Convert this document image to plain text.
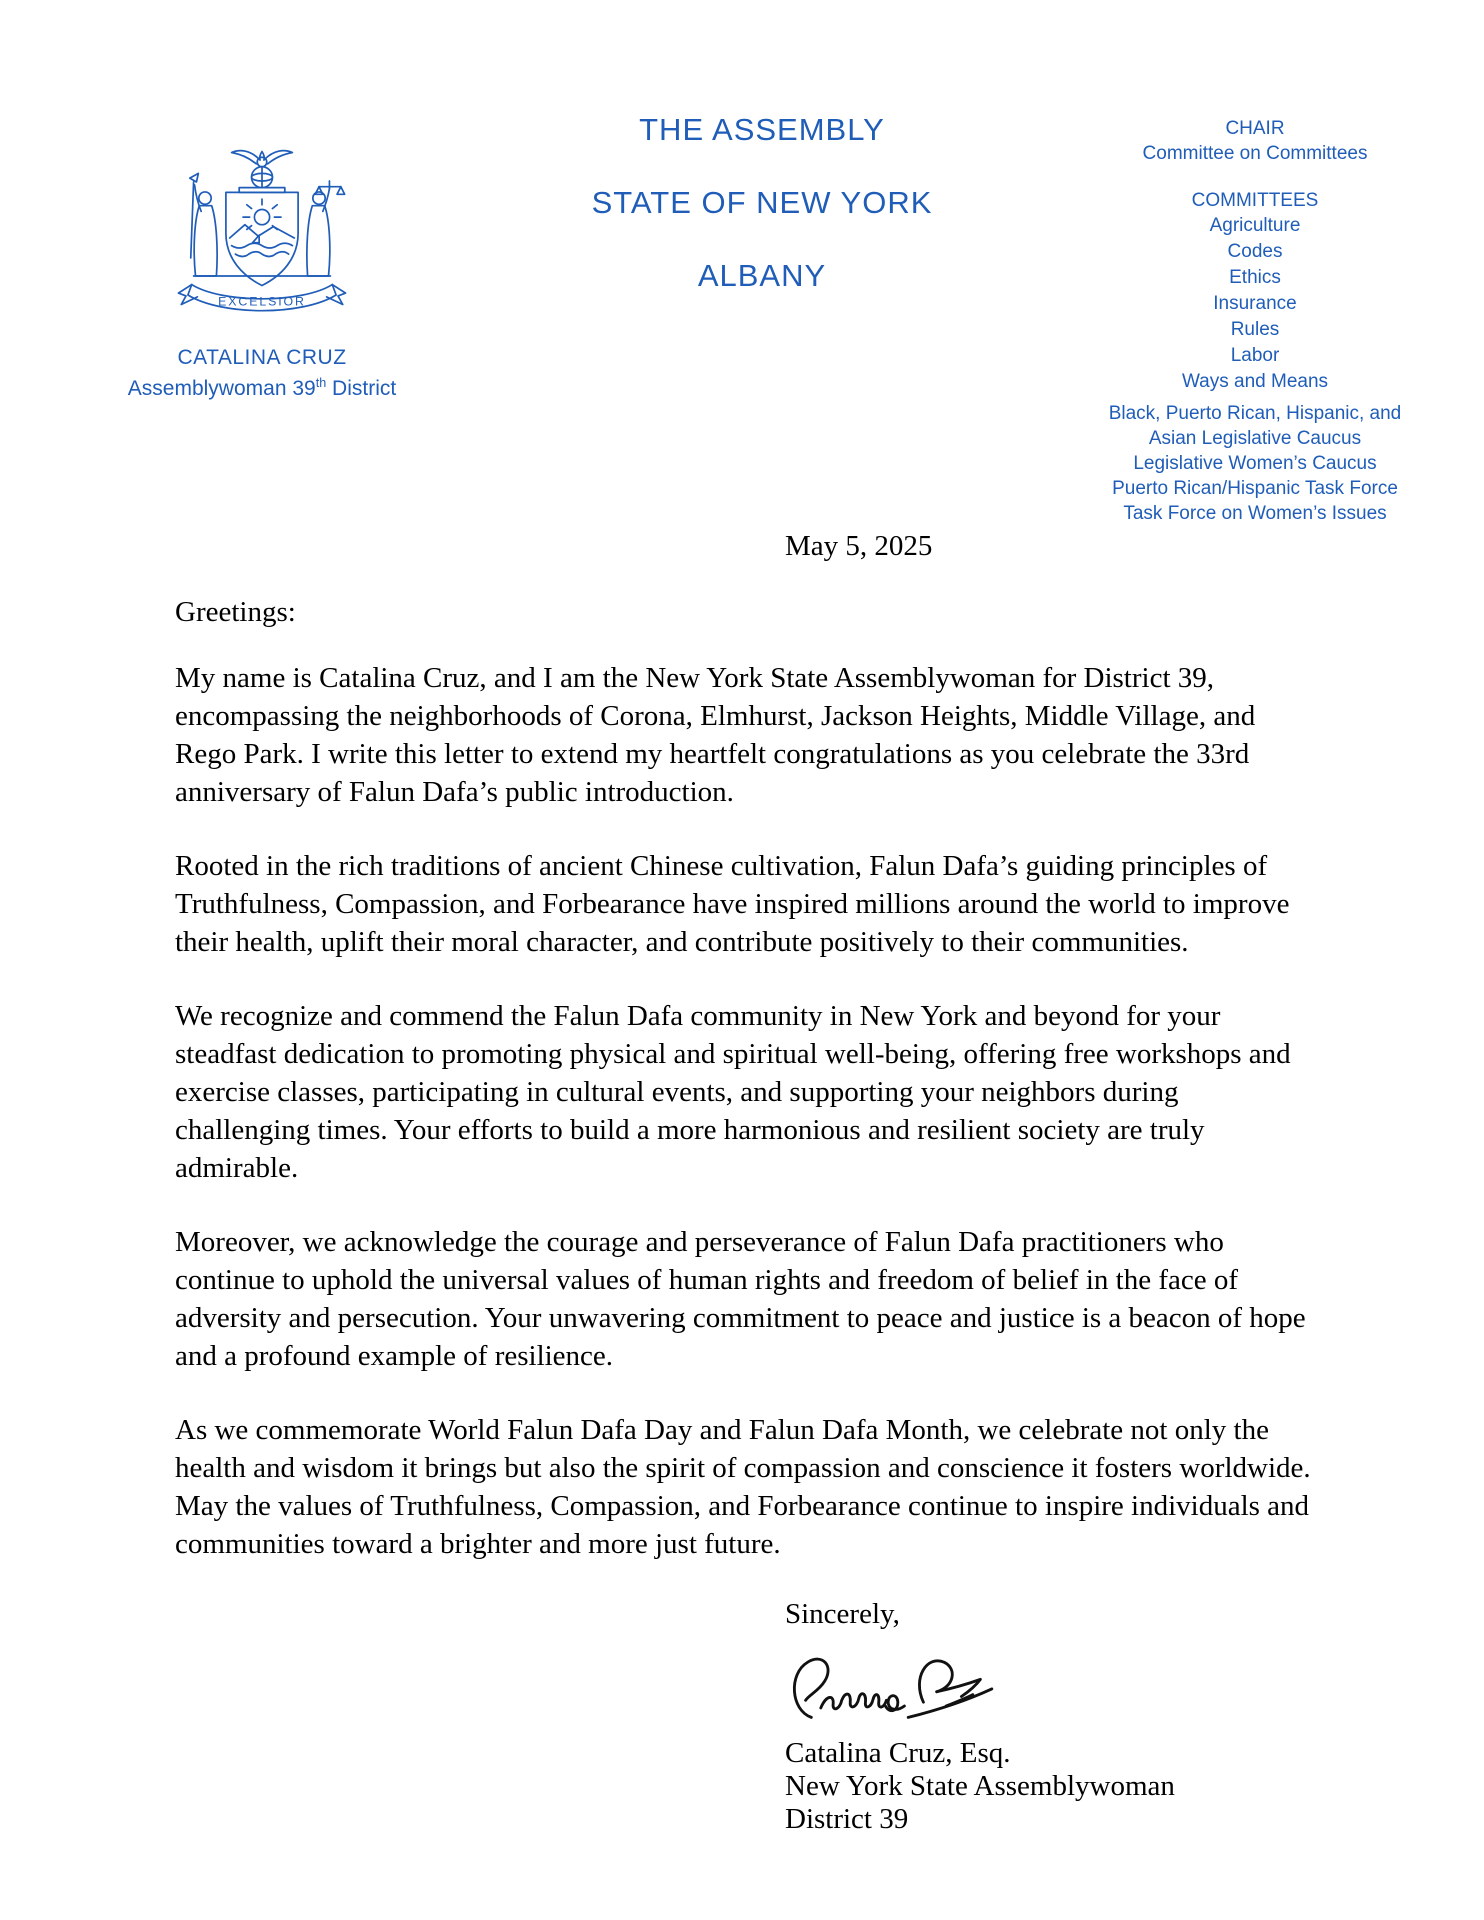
EXCELSIOR
CATALINA CRUZ
Assemblywoman 39th District
THE ASSEMBLY
STATE OF NEW YORK
ALBANY
CHAIR
Committee on Committees
COMMITTEES
Agriculture
Codes
Ethics
Insurance
Rules
Labor
Ways and Means
Black, Puerto Rican, Hispanic, and Asian Legislative Caucus
Legislative Women’s Caucus
Puerto Rican/Hispanic Task Force
Task Force on Women’s Issues
May 5, 2025
Greetings:

My name is Catalina Cruz, and I am the New York State Assemblywoman for District 39, encompassing the neighborhoods of Corona, Elmhurst, Jackson Heights, Middle Village, and Rego Park. I write this letter to extend my heartfelt congratulations as you celebrate the 33rd anniversary of Falun Dafa’s public introduction.

Rooted in the rich traditions of ancient Chinese cultivation, Falun Dafa’s guiding principles of Truthfulness, Compassion, and Forbearance have inspired millions around the world to improve their health, uplift their moral character, and contribute positively to their communities.

We recognize and commend the Falun Dafa community in New York and beyond for your steadfast dedication to promoting physical and spiritual well-being, offering free workshops and exercise classes, participating in cultural events, and supporting your neighbors during challenging times. Your efforts to build a more harmonious and resilient society are truly admirable.

Moreover, we acknowledge the courage and perseverance of Falun Dafa practitioners who continue to uphold the universal values of human rights and freedom of belief in the face of adversity and persecution. Your unwavering commitment to peace and justice is a beacon of hope and a profound example of resilience.

As we commemorate World Falun Dafa Day and Falun Dafa Month, we celebrate not only the health and wisdom it brings but also the spirit of compassion and conscience it fosters worldwide. May the values of Truthfulness, Compassion, and Forbearance continue to inspire individuals and communities toward a brighter and more just future.

Sincerely,
Catalina Cruz, Esq.
New York State Assemblywoman
District 39
